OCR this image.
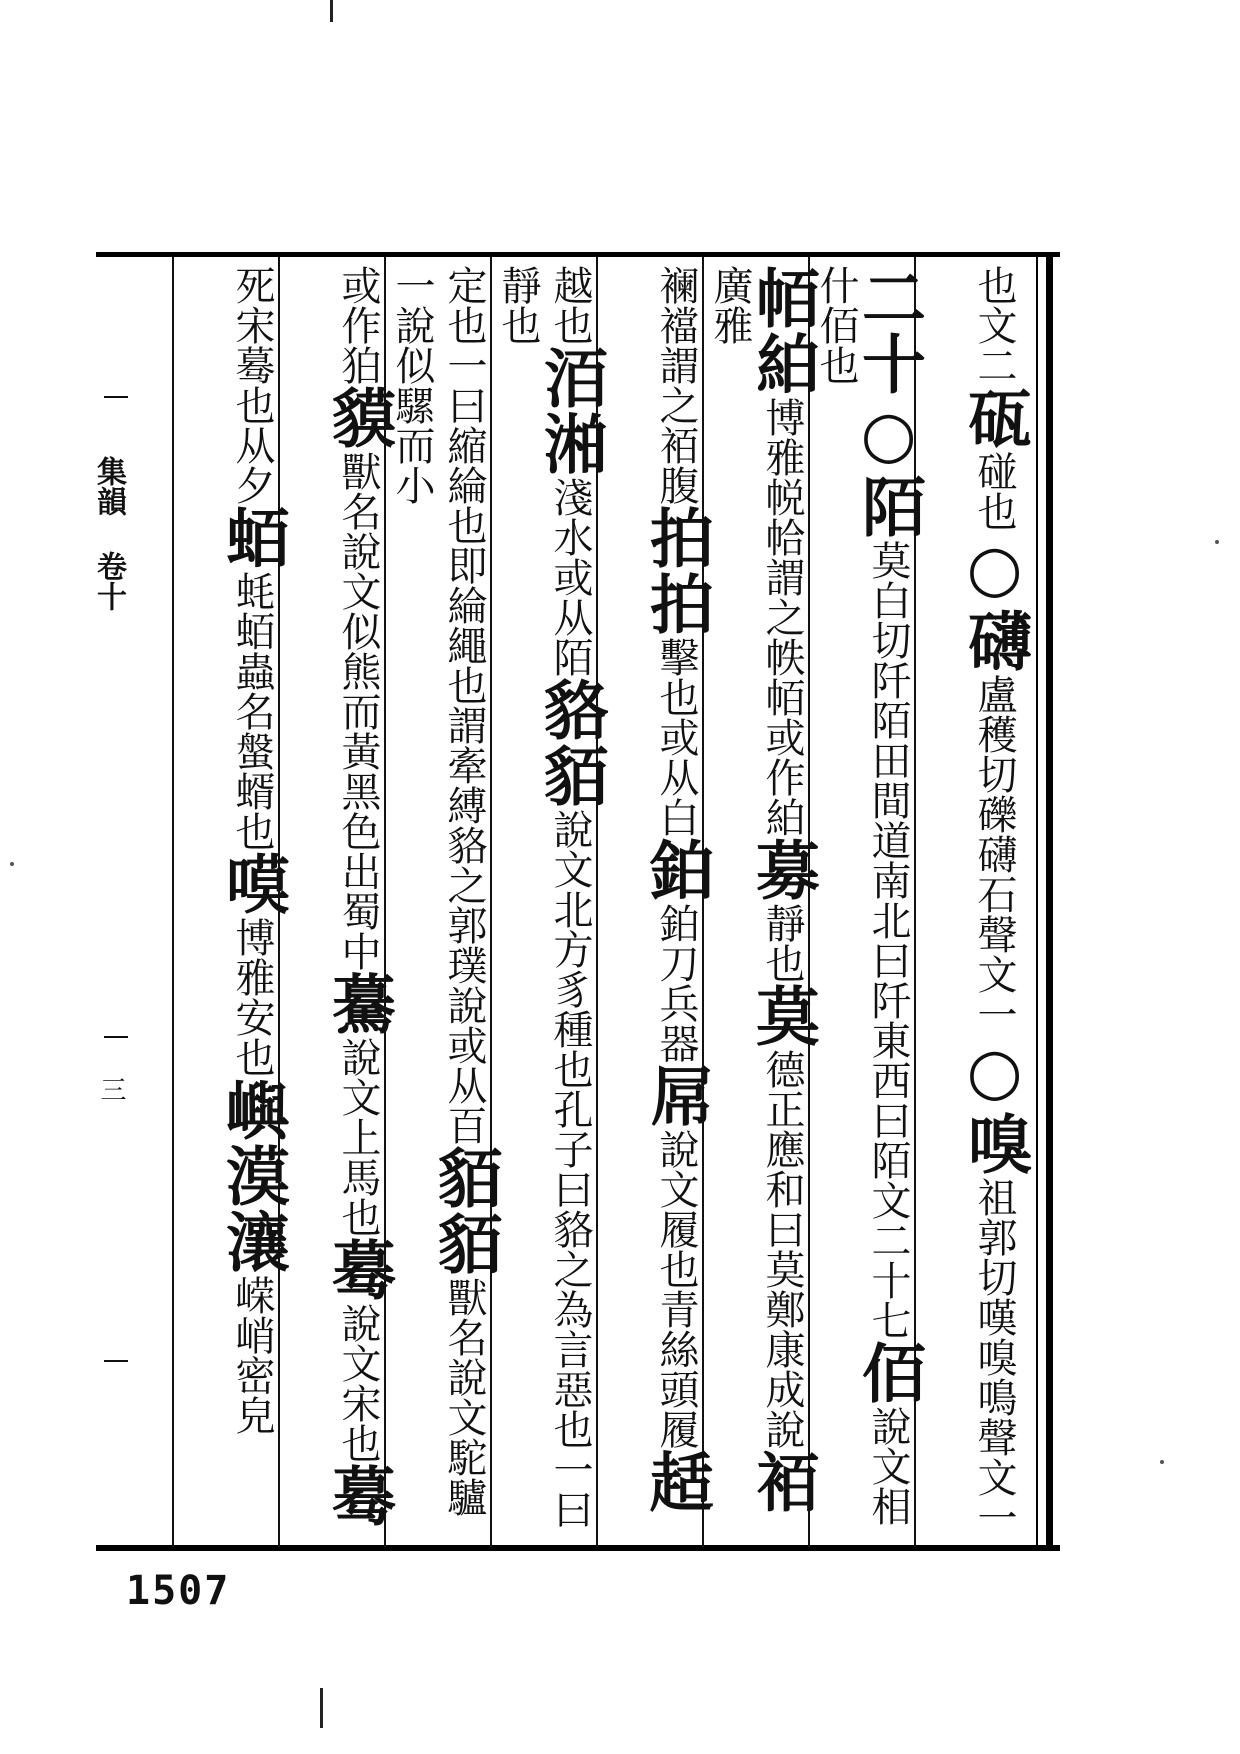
集韻 卷十
三
也文二砙碰也○礴盧穫切礫礴石聲文一○嗅祖郭切嘆嗅鳴聲文一
二十○陌莫白切阡陌田間道南北曰阡東西曰陌文二十七佰說文相什佰也
帞絈博雅帨帢謂之帙帞或作絈募靜也莫德正應和曰莫鄭康成說袹廣雅
襕襠謂之袹腹拍拍擊也或从白鉑鉑刀兵器屌說文履也青絲頭履趏
越也洦湐淺水或从陌貉貊說文北方豸種也孔子曰貉之為言惡也一曰靜也
定也一曰縮綸也即綸繩也謂牽縛貉之郭璞說或从百貊貊獸名說文駝驢一說似騾而小
或作狛貘獸名說文似熊而黃黑色出蜀中驀說文上馬也蓦說文宋也蓦
死宋蓦也从夕蛨蚝蛨蟲名螌蝑也嗼博雅安也嶼漠瀼嵘峭密皃
1507
